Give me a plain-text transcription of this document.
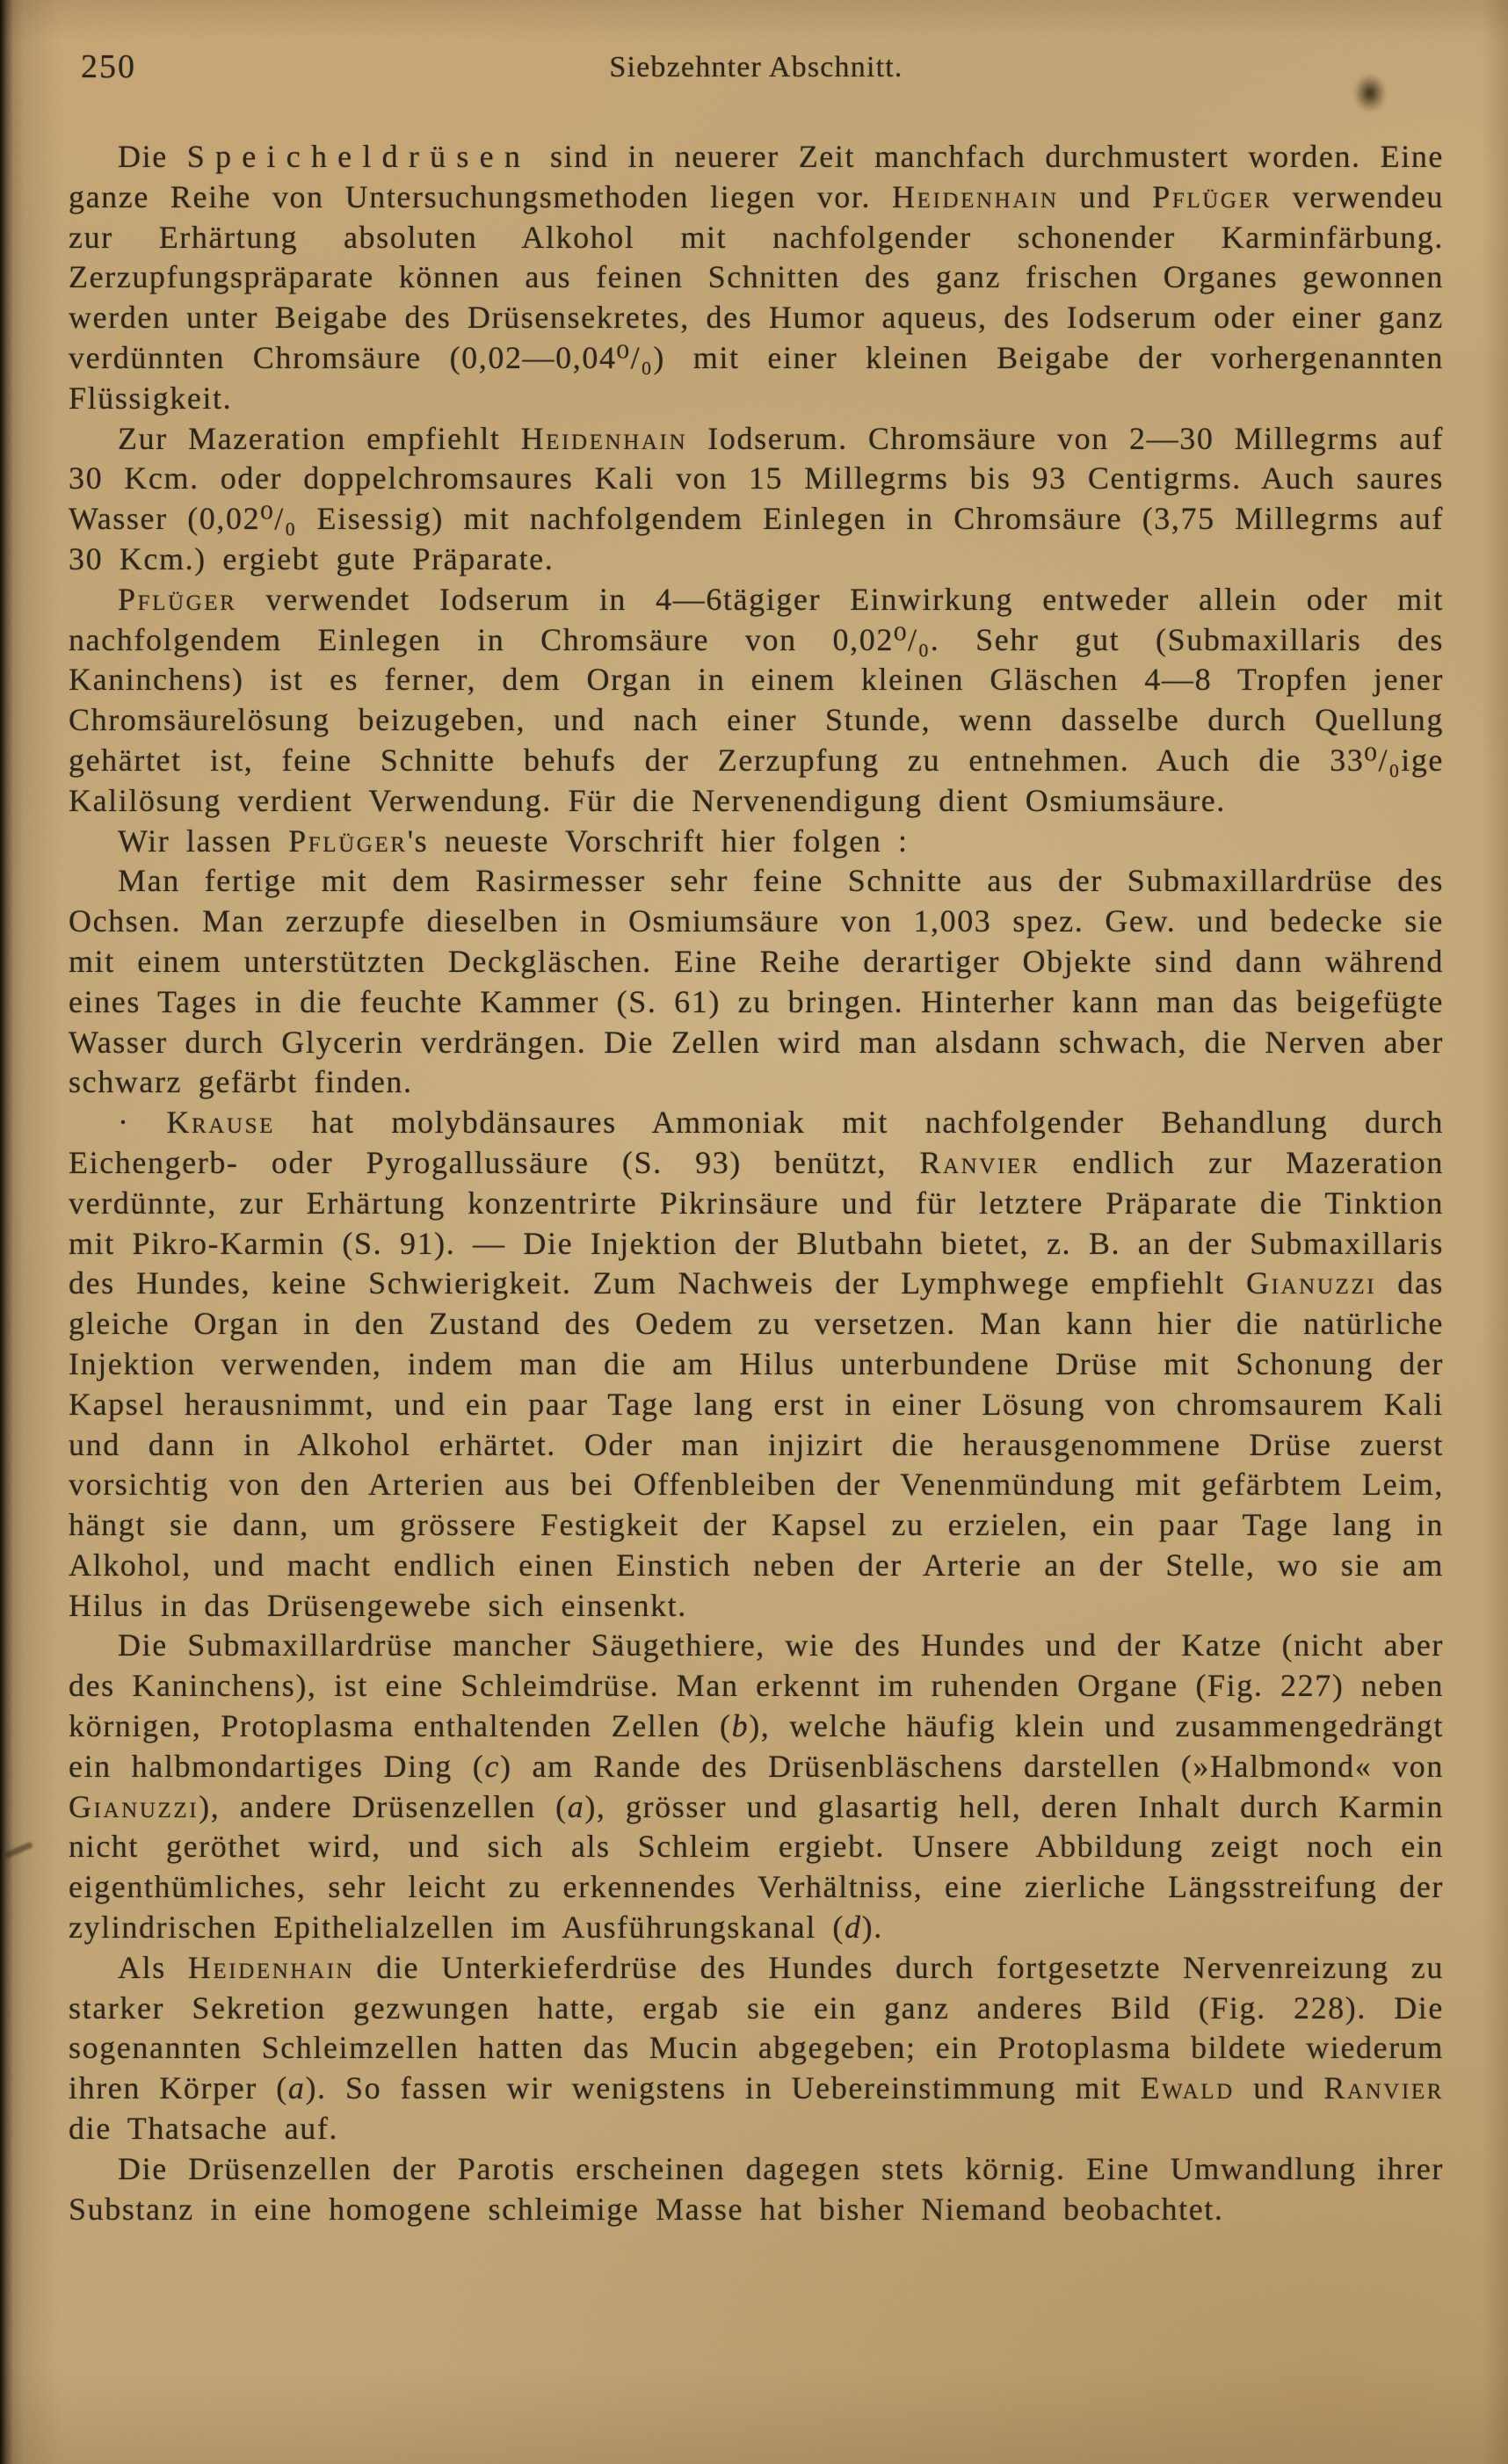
250	Siebzehnter Abschnitt.

Die Speicheldrüsen sind in neuerer Zeit manchfach durchmustert worden. Eine ganze Reihe von Untersuchungsmethoden liegen vor. Heidenhain und Pflüger verwendeu zur Erhärtung absoluten Alkohol mit nachfolgender schonender Karminfärbung. Zerzupfungspräparate können aus feinen Schnitten des ganz frischen Organes gewonnen werden unter Beigabe des Drüsensekretes, des Humor aqueus, des Iodserum oder einer ganz verdünnten Chromsäure (0,02—0,04⁰/₀) mit einer kleinen Beigabe der vorhergenannten Flüssigkeit.

Zur Mazeration empfiehlt Heidenhain Iodserum. Chromsäure von 2—30 Millegrms auf 30 Kcm. oder doppelchromsaures Kali von 15 Millegrms bis 93 Centigrms. Auch saures Wasser (0,02⁰/₀ Eisessig) mit nachfolgendem Einlegen in Chromsäure (3,75 Millegrms auf 30 Kcm.) ergiebt gute Präparate.

Pflüger verwendet Iodserum in 4—6tägiger Einwirkung entweder allein oder mit nachfolgendem Einlegen in Chromsäure von 0,02⁰/₀. Sehr gut (Submaxillaris des Kaninchens) ist es ferner, dem Organ in einem kleinen Gläschen 4—8 Tropfen jener Chromsäurelösung beizugeben, und nach einer Stunde, wenn dasselbe durch Quellung gehärtet ist, feine Schnitte behufs der Zerzupfung zu entnehmen. Auch die 33⁰/₀ige Kalilösung verdient Verwendung. Für die Nervenendigung dient Osmiumsäure.

Wir lassen Pflüger's neueste Vorschrift hier folgen :

Man fertige mit dem Rasirmesser sehr feine Schnitte aus der Submaxillardrüse des Ochsen. Man zerzupfe dieselben in Osmiumsäure von 1,003 spez. Gew. und bedecke sie mit einem unterstützten Deckgläschen. Eine Reihe derartiger Objekte sind dann während eines Tages in die feuchte Kammer (S. 61) zu bringen. Hinterher kann man das beigefügte Wasser durch Glycerin verdrängen. Die Zellen wird man alsdann schwach, die Nerven aber schwarz gefärbt finden.

· Krause hat molybdänsaures Ammoniak mit nachfolgender Behandlung durch Eichengerb- oder Pyrogallussäure (S. 93) benützt, Ranvier endlich zur Mazeration verdünnte, zur Erhärtung konzentrirte Pikrinsäure und für letztere Präparate die Tinktion mit Pikro-Karmin (S. 91). — Die Injektion der Blutbahn bietet, z. B. an der Submaxillaris des Hundes, keine Schwierigkeit. Zum Nachweis der Lymphwege empfiehlt Gianuzzi das gleiche Organ in den Zustand des Oedem zu versetzen. Man kann hier die natürliche Injektion verwenden, indem man die am Hilus unterbundene Drüse mit Schonung der Kapsel herausnimmt, und ein paar Tage lang erst in einer Lösung von chromsaurem Kali und dann in Alkohol erhärtet. Oder man injizirt die herausgenommene Drüse zuerst vorsichtig von den Arterien aus bei Offenbleiben der Venenmündung mit gefärbtem Leim, hängt sie dann, um grössere Festigkeit der Kapsel zu erzielen, ein paar Tage lang in Alkohol, und macht endlich einen Einstich neben der Arterie an der Stelle, wo sie am Hilus in das Drüsengewebe sich einsenkt.

Die Submaxillardrüse mancher Säugethiere, wie des Hundes und der Katze (nicht aber des Kaninchens), ist eine Schleimdrüse. Man erkennt im ruhenden Organe (Fig. 227) neben körnigen, Protoplasma enthaltenden Zellen (b), welche häufig klein und zusammengedrängt ein halbmondartiges Ding (c) am Rande des Drüsenbläschens darstellen (»Halbmond« von Gianuzzi), andere Drüsenzellen (a), grösser und glasartig hell, deren Inhalt durch Karmin nicht geröthet wird, und sich als Schleim ergiebt. Unsere Abbildung zeigt noch ein eigenthümliches, sehr leicht zu erkennendes Verhältniss, eine zierliche Längsstreifung der zylindrischen Epithelialzellen im Ausführungskanal (d).

Als Heidenhain die Unterkieferdrüse des Hundes durch fortgesetzte Nervenreizung zu starker Sekretion gezwungen hatte, ergab sie ein ganz anderes Bild (Fig. 228). Die sogenannten Schleimzellen hatten das Mucin abgegeben; ein Protoplasma bildete wiederum ihren Körper (a). So fassen wir wenigstens in Uebereinstimmung mit Ewald und Ranvier die Thatsache auf.

Die Drüsenzellen der Parotis erscheinen dagegen stets körnig. Eine Umwandlung ihrer Substanz in eine homogene schleimige Masse hat bisher Niemand beobachtet.
